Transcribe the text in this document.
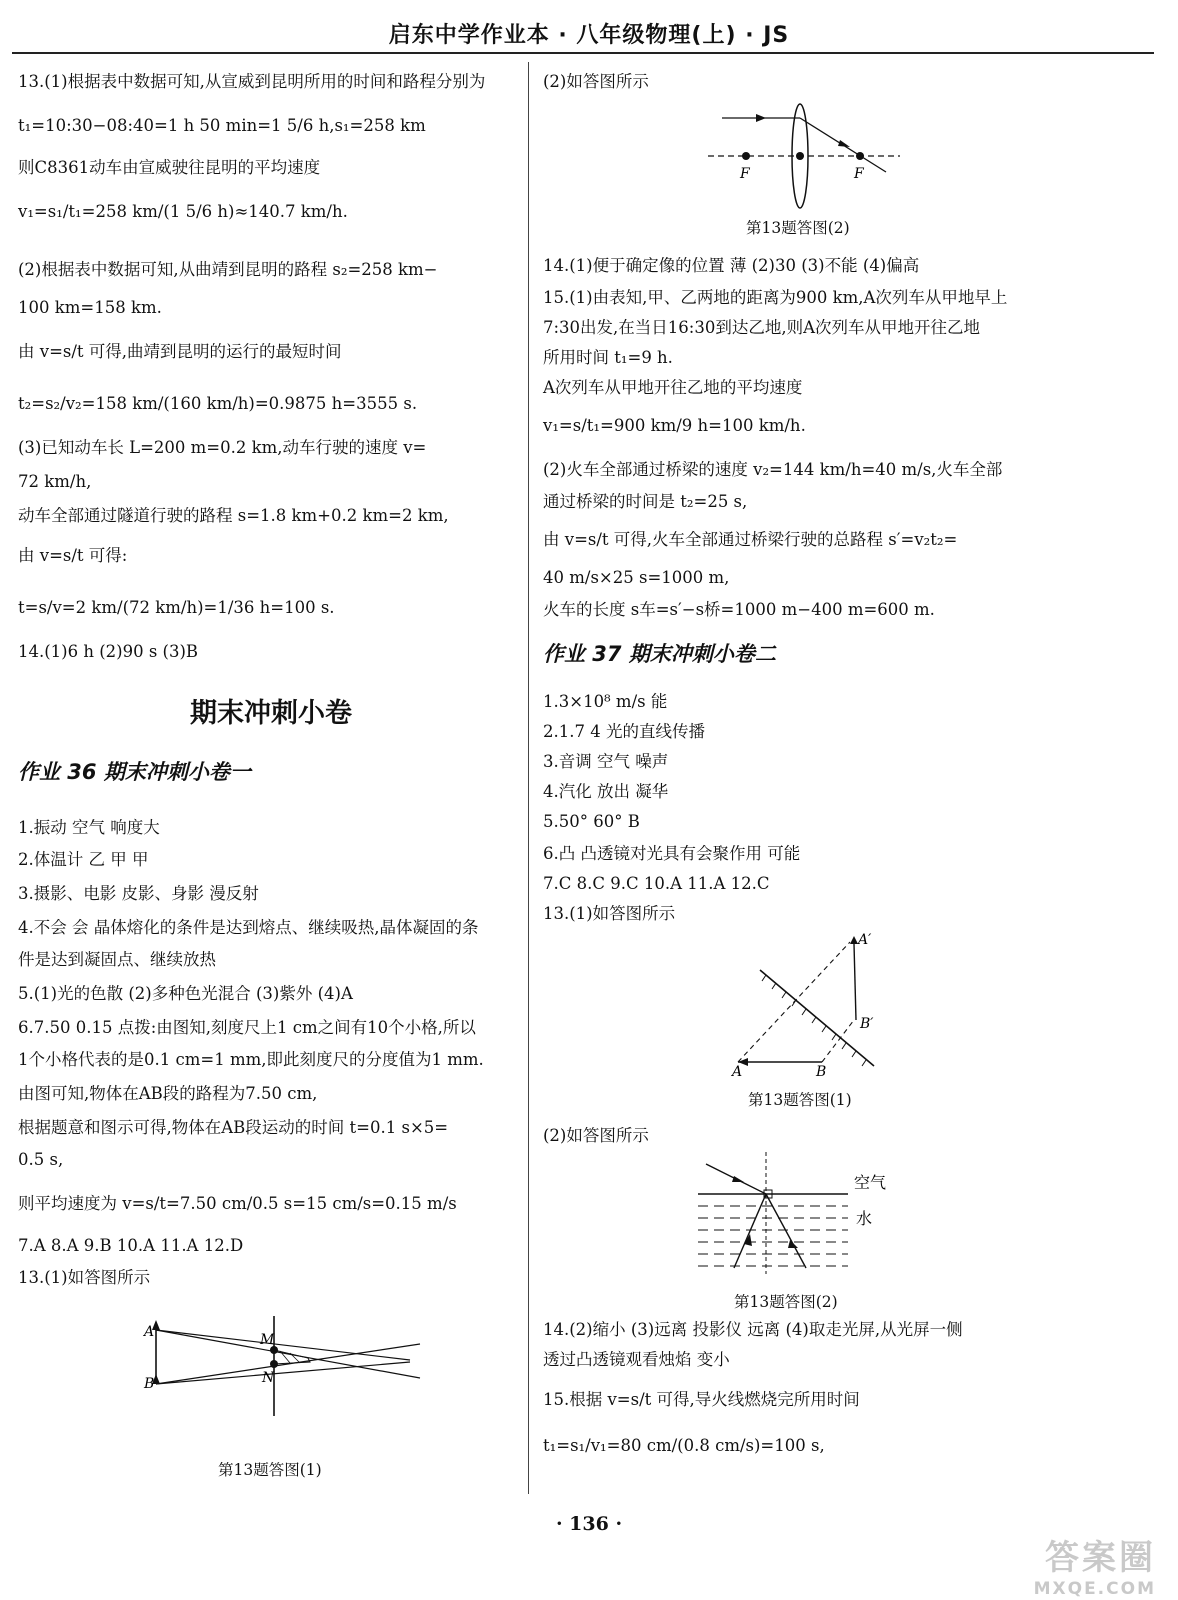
启东中学作业本 · 八年级物理(上) · JS
13.(1)根据表中数据可知,从宣威到昆明所用的时间和路程分别为
t₁=10:30−08:40=1 h 50 min=1 5/6 h,s₁=258 km
则C8361动车由宣威驶往昆明的平均速度
v₁=s₁/t₁=258 km/(1 5/6 h)≈140.7 km/h.
(2)根据表中数据可知,从曲靖到昆明的路程 s₂=258 km−
100 km=158 km.
由 v=s/t 可得,曲靖到昆明的运行的最短时间
t₂=s₂/v₂=158 km/(160 km/h)=0.9875 h=3555 s.
(3)已知动车长 L=200 m=0.2 km,动车行驶的速度 v=
72 km/h,
动车全部通过隧道行驶的路程 s=1.8 km+0.2 km=2 km,
由 v=s/t 可得:
t=s/v=2 km/(72 km/h)=1/36 h=100 s.
14.(1)6 h (2)90 s (3)B
期末冲刺小卷
作业 36 期末冲刺小卷一
1.振动 空气 响度大
2.体温计 乙 甲 甲
3.摄影、电影 皮影、身影 漫反射
4.不会 会 晶体熔化的条件是达到熔点、继续吸热,晶体凝固的条
件是达到凝固点、继续放热
5.(1)光的色散 (2)多种色光混合 (3)紫外 (4)A
6.7.50 0.15 点拨:由图知,刻度尺上1 cm之间有10个小格,所以
1个小格代表的是0.1 cm=1 mm,即此刻度尺的分度值为1 mm.
由图可知,物体在AB段的路程为7.50 cm,
根据题意和图示可得,物体在AB段运动的时间 t=0.1 s×5=
0.5 s,
则平均速度为 v=s/t=7.50 cm/0.5 s=15 cm/s=0.15 m/s
7.A 8.A 9.B 10.A 11.A 12.D
13.(1)如答图所示
A
B
M
N
第13题答图(1)
(2)如答图所示
14.(1)便于确定像的位置 薄 (2)30 (3)不能 (4)偏高
15.(1)由表知,甲、乙两地的距离为900 km,A次列车从甲地早上
7:30出发,在当日16:30到达乙地,则A次列车从甲地开往乙地
所用时间 t₁=9 h.
A次列车从甲地开往乙地的平均速度
v₁=s/t₁=900 km/9 h=100 km/h.
(2)火车全部通过桥梁的速度 v₂=144 km/h=40 m/s,火车全部
通过桥梁的时间是 t₂=25 s,
由 v=s/t 可得,火车全部通过桥梁行驶的总路程 s′=v₂t₂=
40 m/s×25 s=1000 m,
火车的长度 s车=s′−s桥=1000 m−400 m=600 m.
作业 37 期末冲刺小卷二
1.3×10⁸ m/s 能
2.1.7 4 光的直线传播
3.音调 空气 噪声
4.汽化 放出 凝华
5.50° 60° B
6.凸 凸透镜对光具有会聚作用 可能
7.C 8.C 9.C 10.A 11.A 12.C
13.(1)如答图所示
(2)如答图所示
14.(2)缩小 (3)远离 投影仪 远离 (4)取走光屏,从光屏一侧
透过凸透镜观看烛焰 变小
15.根据 v=s/t 可得,导火线燃烧完所用时间
t₁=s₁/v₁=80 cm/(0.8 cm/s)=100 s,
F	F
第13题答图(2)
A′
B′
A	B
第13题答图(1)
空气
水
第13题答图(2)
· 136 ·
答案圈
MXQE.COM
